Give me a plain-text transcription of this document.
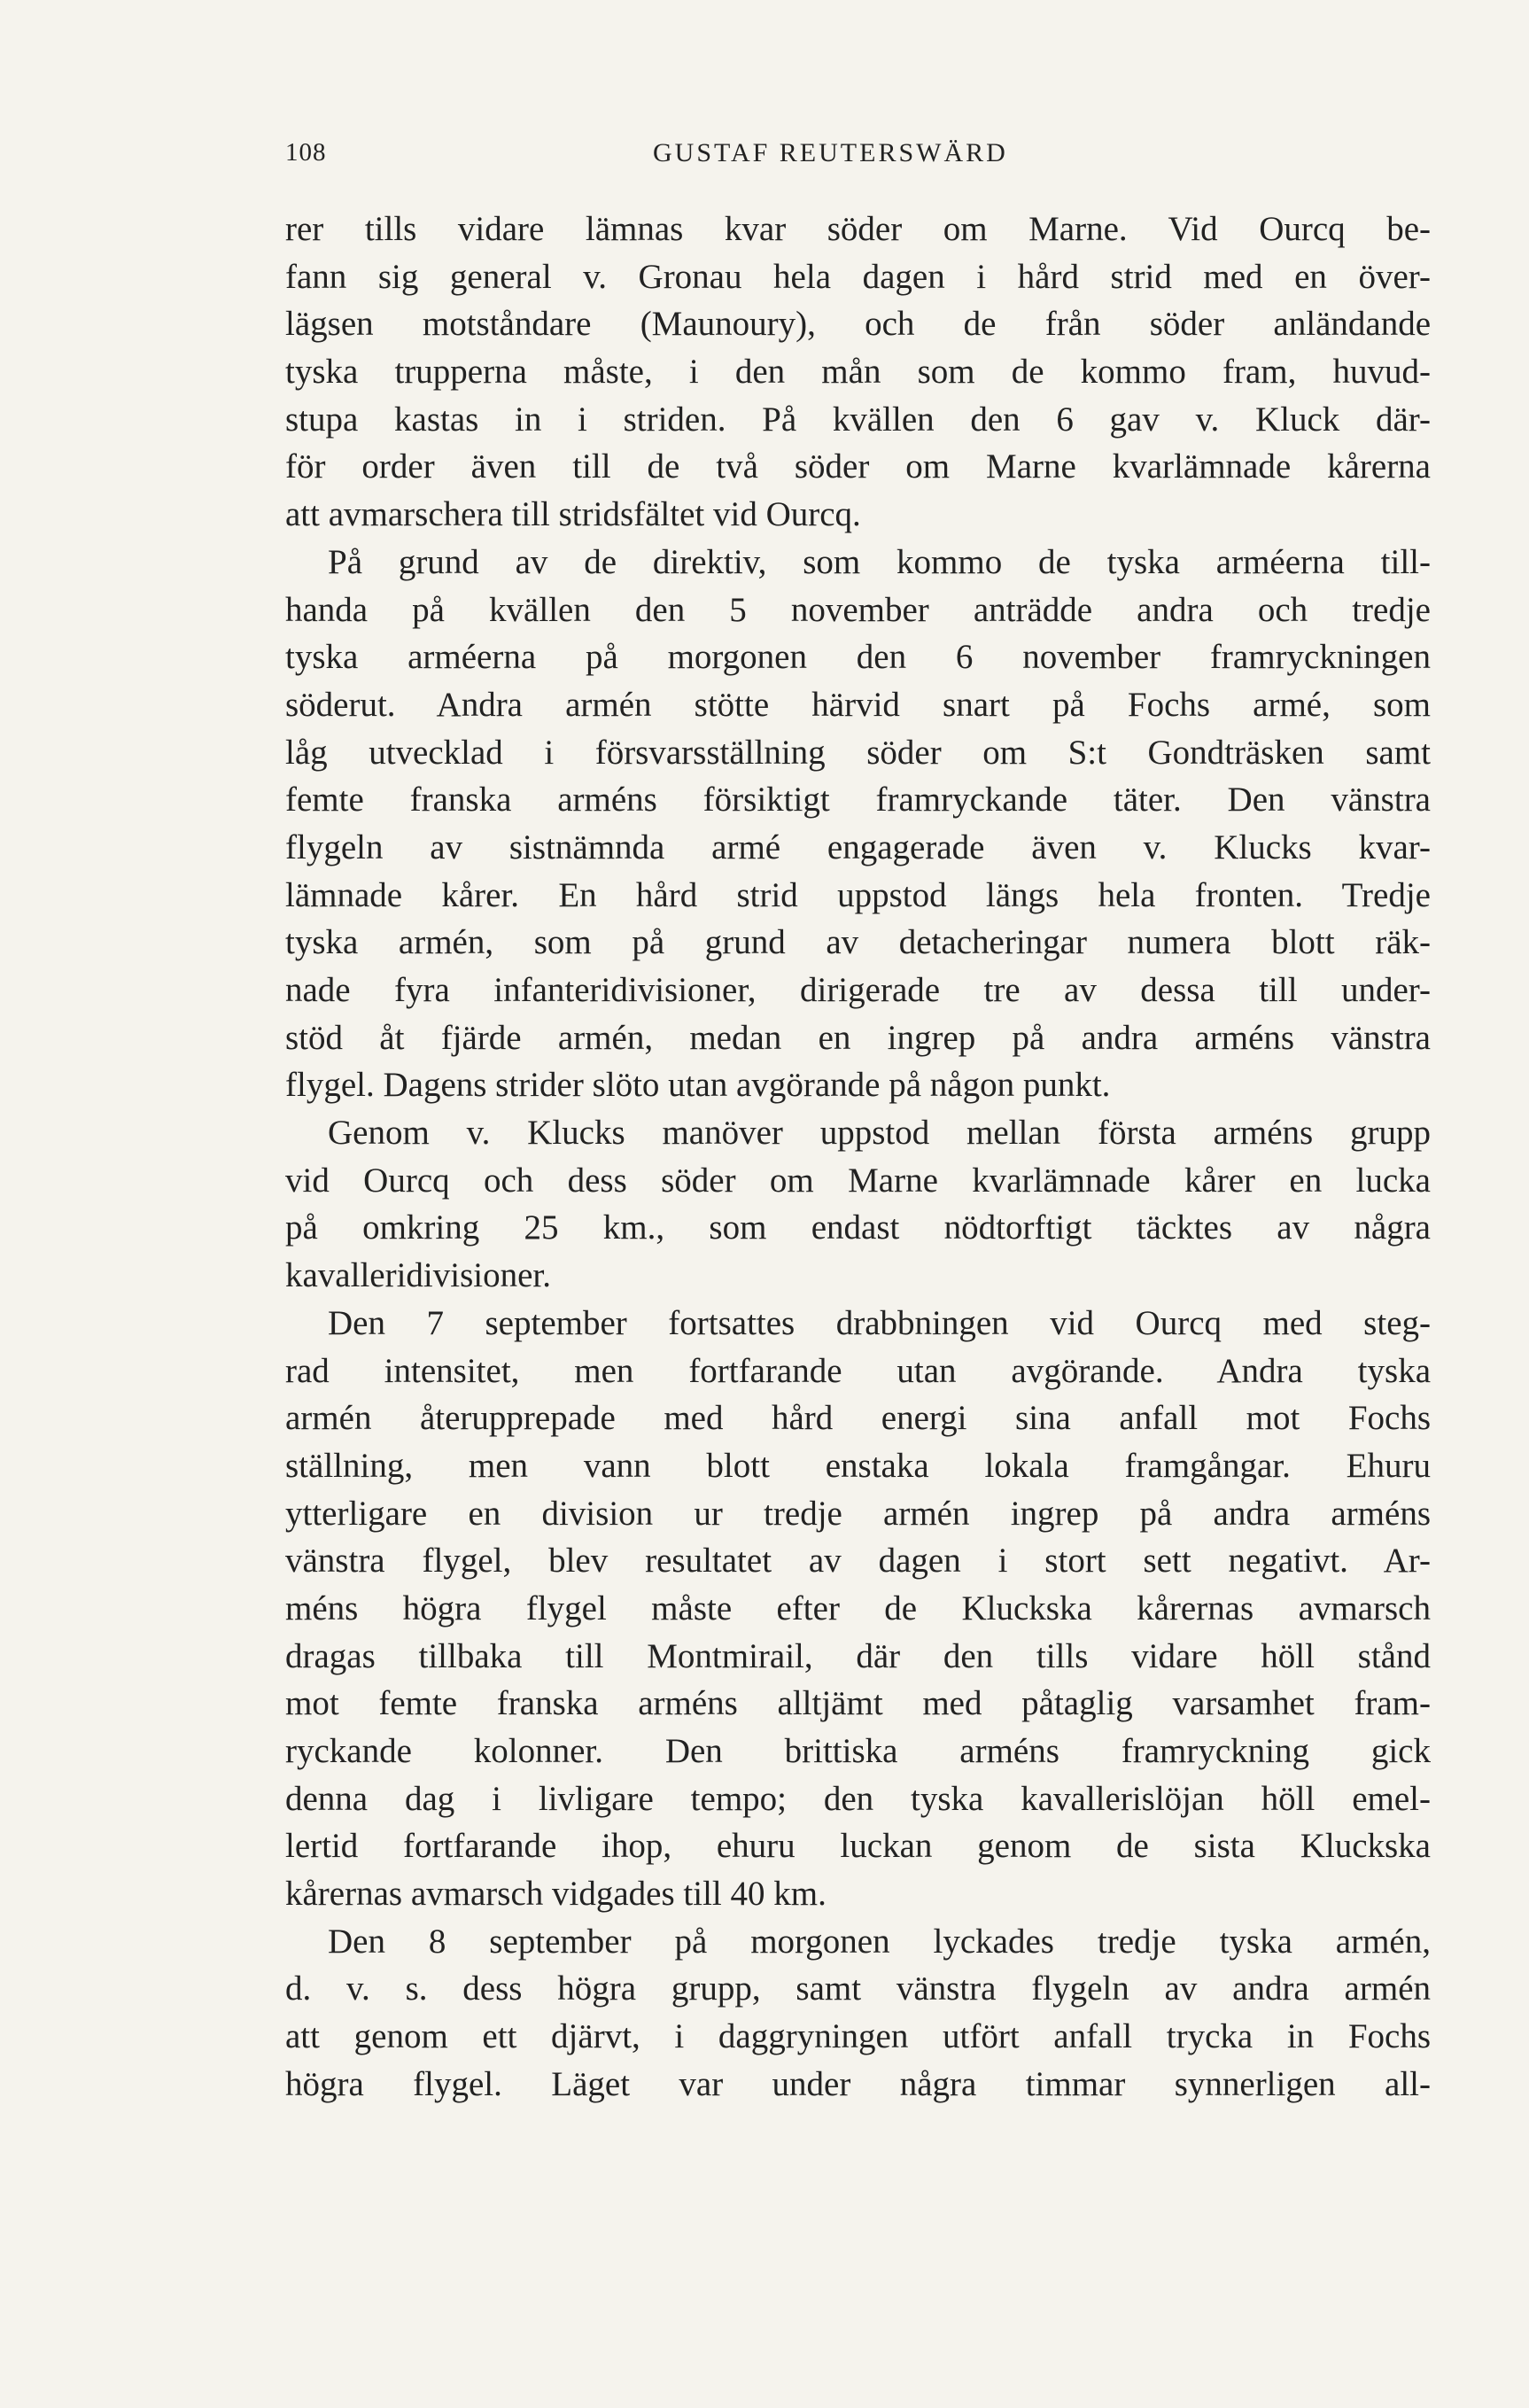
108	GUSTAF REUTERSWÄRD
rer tills vidare lämnas kvar söder om Marne. Vid Ourcq be-
fann sig general v. Gronau hela dagen i hård strid med en över-
lägsen motståndare (Maunoury), och de från söder anländande
tyska trupperna måste, i den mån som de kommo fram, huvud-
stupa kastas in i striden. På kvällen den 6 gav v. Kluck där-
för order även till de två söder om Marne kvarlämnade kårerna
att avmarschera till stridsfältet vid Ourcq.
På grund av de direktiv, som kommo de tyska arméerna till-
handa på kvällen den 5 november anträdde andra och tredje
tyska arméerna på morgonen den 6 november framryckningen
söderut. Andra armén stötte härvid snart på Fochs armé, som
låg utvecklad i försvarsställning söder om S:t Gondträsken samt
femte franska arméns försiktigt framryckande täter. Den vänstra
flygeln av sistnämnda armé engagerade även v. Klucks kvar-
lämnade kårer. En hård strid uppstod längs hela fronten. Tredje
tyska armén, som på grund av detacheringar numera blott räk-
nade fyra infanteridivisioner, dirigerade tre av dessa till under-
stöd åt fjärde armén, medan en ingrep på andra arméns vänstra
flygel. Dagens strider slöto utan avgörande på någon punkt.
Genom v. Klucks manöver uppstod mellan första arméns grupp
vid Ourcq och dess söder om Marne kvarlämnade kårer en lucka
på omkring 25 km., som endast nödtorftigt täcktes av några
kavalleridivisioner.
Den 7 september fortsattes drabbningen vid Ourcq med steg-
rad intensitet, men fortfarande utan avgörande. Andra tyska
armén återupprepade med hård energi sina anfall mot Fochs
ställning, men vann blott enstaka lokala framgångar. Ehuru
ytterligare en division ur tredje armén ingrep på andra arméns
vänstra flygel, blev resultatet av dagen i stort sett negativt. Ar-
méns högra flygel måste efter de Kluckska kårernas avmarsch
dragas tillbaka till Montmirail, där den tills vidare höll stånd
mot femte franska arméns alltjämt med påtaglig varsamhet fram-
ryckande kolonner. Den brittiska arméns framryckning gick
denna dag i livligare tempo; den tyska kavallerislöjan höll emel-
lertid fortfarande ihop, ehuru luckan genom de sista Kluckska
kårernas avmarsch vidgades till 40 km.
Den 8 september på morgonen lyckades tredje tyska armén,
d. v. s. dess högra grupp, samt vänstra flygeln av andra armén
att genom ett djärvt, i daggryningen utfört anfall trycka in Fochs
högra flygel. Läget var under några timmar synnerligen all-
